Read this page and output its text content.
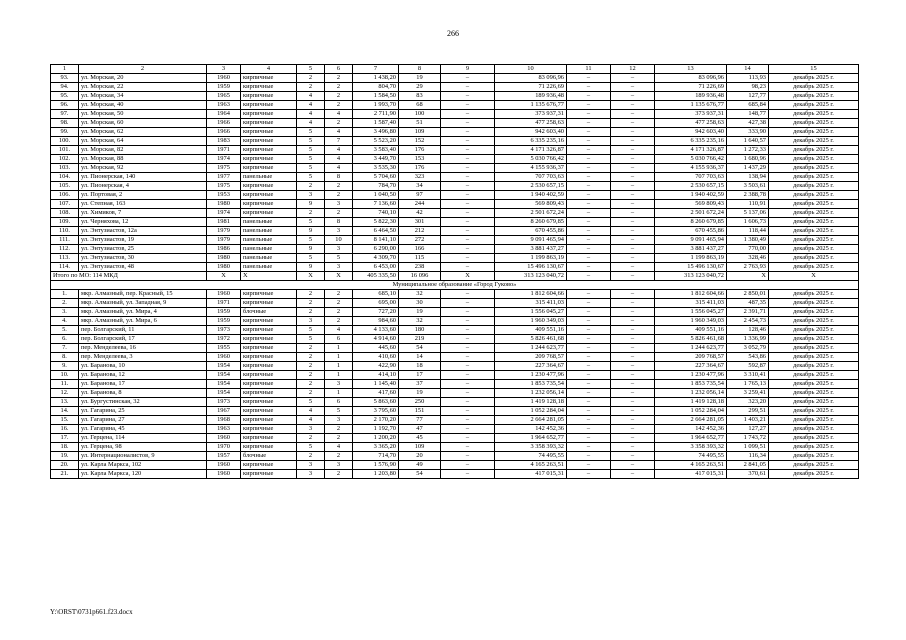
266
1	2	3	4	5	6	7	8	9	10	11	12	13	14	15
93.	ул. Морская, 20	1960	кирпичные	2	2	1 438,20	19	–	83 096,96	–	–	83 096,96	113,93	декабрь 2025 г.
94.	ул. Морская, 22	1959	кирпичные	2	2	804,70	29	–	71 226,69	–	–	71 226,69	98,23	декабрь 2025 г.
95.	ул. Морская, 34	1965	кирпичные	4	2	1 584,50	83	–	189 936,48	–	–	189 936,48	127,77	декабрь 2025 г.
96.	ул. Морская, 40	1963	кирпичные	4	2	1 993,70	68	–	1 135 676,77	–	–	1 135 676,77	685,84	декабрь 2025 г.
97.	ул. Морская, 50	1964	кирпичные	4	4	2 711,90	100	–	373 937,31	–	–	373 937,31	148,77	декабрь 2025 г.
98.	ул. Морская, 60	1966	кирпичные	4	2	1 587,40	51	–	477 258,63	–	–	477 258,63	427,38	декабрь 2025 г.
99.	ул. Морская, 62	1966	кирпичные	5	4	3 496,80	109	–	942 603,40	–	–	942 603,40	333,90	декабрь 2025 г.
100.	ул. Морская, 64	1983	кирпичные	5	7	5 523,20	152	–	6 335 235,16	–	–	6 335 235,16	1 640,57	декабрь 2025 г.
101.	ул. Морская, 82	1971	кирпичные	5	4	3 583,40	176	–	4 171 326,87	–	–	4 171 326,87	1 272,33	декабрь 2025 г.
102.	ул. Морская, 88	1974	кирпичные	5	4	3 449,70	153	–	5 030 766,42	–	–	5 030 766,42	1 680,96	декабрь 2025 г.
103.	ул. Морская, 92	1975	кирпичные	5	4	3 535,30	176	–	4 155 936,37	–	–	4 155 936,37	1 437,29	декабрь 2025 г.
104.	ул. Пионерская, 140	1977	панельные	5	8	5 704,60	323	–	707 703,63	–	–	707 703,63	138,94	декабрь 2025 г.
105.	ул. Пионерская, 4	1975	кирпичные	2	2	784,70	34	–	2 530 657,15	–	–	2 530 657,15	3 503,61	декабрь 2025 г.
106.	ул. Портовая, 2	1953	кирпичные	3	2	1 040,50	97	–	1 940 402,59	–	–	1 940 402,59	2 388,78	декабрь 2025 г.
107.	ул. Степная, 163	1980	кирпичные	9	3	7 136,60	244	–	569 809,43	–	–	569 809,43	110,91	декабрь 2025 г.
108.	ул. Химиков, 7	1974	кирпичные	2	2	740,10	42	–	2 501 672,24	–	–	2 501 672,24	5 137,06	декабрь 2025 г.
109.	ул. Черняхова, 12	1981	панельные	5	8	5 822,30	301	–	8 260 679,85	–	–	8 260 679,85	1 606,73	декабрь 2025 г.
110.	ул. Энтузиастов, 12а	1979	панельные	9	3	6 464,50	212	–	670 455,86	–	–	670 455,86	118,44	декабрь 2025 г.
111.	ул. Энтузиастов, 19	1979	панельные	5	10	8 141,10	272	–	9 091 465,94	–	–	9 091 465,94	1 380,49	декабрь 2025 г.
112.	ул. Энтузиастов, 25	1986	панельные	9	3	6 290,00	166	–	3 881 437,27	–	–	3 881 437,27	770,00	декабрь 2025 г.
113.	ул. Энтузиастов, 30	1980	панельные	5	5	4 309,70	115	–	1 199 863,19	–	–	1 199 863,19	328,46	декабрь 2025 г.
114.	ул. Энтузиастов, 48	1980	панельные	9	3	6 453,00	238	–	15 496 130,67	–	–	15 496 130,67	2 763,93	декабрь 2025 г.
Итого по МО: 114 МКД		Х	Х	Х	Х	405 335,50	16 096	Х	313 123 040,72	–	–	313 123 040,72	Х	Х
Муниципальное образование «Город Гуково»														
1.	мкр. Алмазный, пер. Красный, 15	1960	кирпичные	2	2	685,10	32	–	1 812 604,66	–	–	1 812 604,66	2 850,01	декабрь 2025 г.
2.	мкр. Алмазный, ул. Западная, 9	1971	кирпичные	2	2	695,00	30	–	315 411,03	–	–	315 411,03	487,35	декабрь 2025 г.
3.	мкр. Алмазный, ул. Мира, 4	1959	блочные	2	2	727,20	19	–	1 556 045,27	–	–	1 556 045,27	2 391,71	декабрь 2025 г.
4.	мкр. Алмазный, ул. Мира, 6	1959	кирпичные	3	2	984,60	32	–	1 960 349,03	–	–	1 960 349,03	2 454,73	декабрь 2025 г.
5.	пер. Болгарский, 11	1973	кирпичные	5	4	4 133,60	180	–	409 551,16	–	–	409 551,16	128,46	декабрь 2025 г.
6.	пер. Болгарский, 17	1972	кирпичные	5	6	4 914,60	219	–	5 826 461,68	–	–	5 826 461,68	1 336,99	декабрь 2025 г.
7.	пер. Менделеева, 16	1955	кирпичные	2	1	445,60	54	–	1 244 623,77	–	–	1 244 623,77	3 052,79	декабрь 2025 г.
8.	пер. Менделеева, 3	1960	кирпичные	2	1	410,60	14	–	209 768,57	–	–	209 768,57	543,86	декабрь 2025 г.
9.	ул. Баранова, 10	1954	кирпичные	2	1	422,90	18	–	227 364,67	–	–	227 364,67	592,87	декабрь 2025 г.
10.	ул. Баранова, 12	1954	кирпичные	2	1	414,10	17	–	1 230 477,96	–	–	1 230 477,96	3 310,41	декабрь 2025 г.
11.	ул. Баранова, 17	1954	кирпичные	2	3	1 145,40	37	–	1 853 735,54	–	–	1 853 735,54	1 765,13	декабрь 2025 г.
12.	ул. Баранова, 8	1954	кирпичные	2	1	417,60	19	–	1 232 056,14	–	–	1 232 056,14	3 259,41	декабрь 2025 г.
13.	ул. Бургустинская, 32	1973	кирпичные	5	6	5 863,60	250	–	1 419 128,18	–	–	1 419 128,18	323,20	декабрь 2025 г.
14.	ул. Гагарина, 25	1967	кирпичные	4	5	3 795,60	151	–	1 052 284,04	–	–	1 052 284,04	299,51	декабрь 2025 г.
15.	ул. Гагарина, 27	1968	кирпичные	4	3	2 170,20	77	–	2 664 281,05	–	–	2 664 281,05	1 403,21	декабрь 2025 г.
16.	ул. Гагарина, 45	1963	кирпичные	3	2	1 192,70	47	–	142 452,36	–	–	142 452,36	127,27	декабрь 2025 г.
17.	ул. Герцена, 114	1960	кирпичные	2	2	1 200,20	45	–	1 964 652,77	–	–	1 964 652,77	1 743,72	декабрь 2025 г.
18.	ул. Герцена, 98	1970	кирпичные	5	4	3 365,20	109	–	3 358 393,32	–	–	3 358 393,32	1 099,51	декабрь 2025 г.
19.	ул. Интернационалистов, 9	1957	блочные	2	2	714,70	20	–	74 495,55	–	–	74 495,55	116,34	декабрь 2025 г.
20.	ул. Карла Маркса, 102	1960	кирпичные	3	3	1 576,90	49	–	4 165 263,51	–	–	4 165 263,51	2 841,05	декабрь 2025 г.
21.	ул. Карла Маркса, 120	1960	кирпичные	3	2	1 203,80	54	–	417 015,31	–	–	417 015,31	370,61	декабрь 2025 г.
Y:\ORST\0731p661.f23.docx
